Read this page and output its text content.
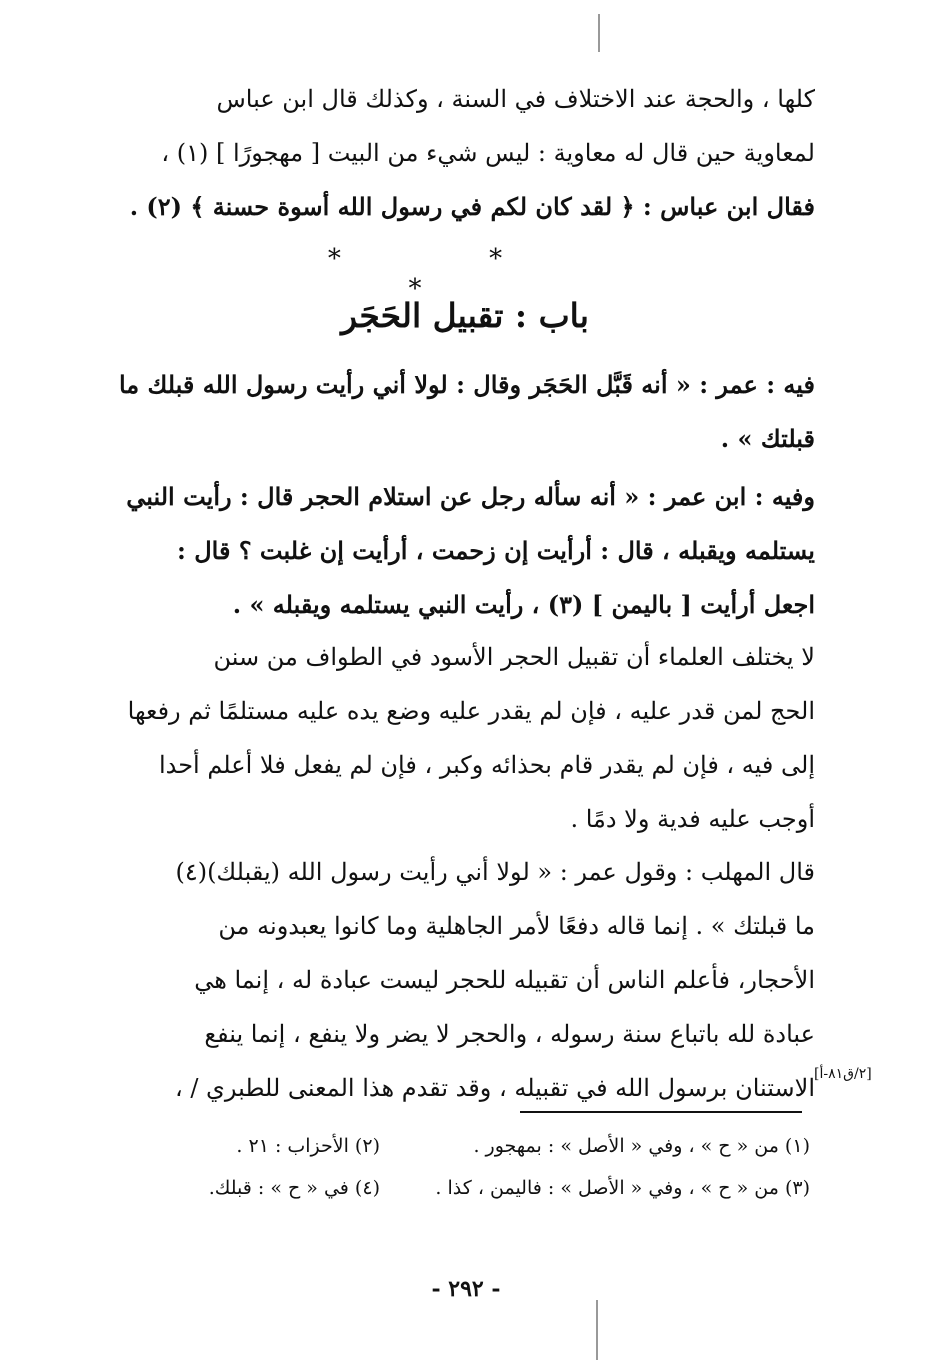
كلها ، والحجة عند الاختلاف في السنة ، وكذلك قال ابن عباس
لمعاوية حين قال له معاوية : ليس شيء من البيت [ مهجورًا ] (١) ،
فقال ابن عباس : ﴿ لقد كان لكم في رسول الله أسوة حسنة ﴾ (٢) .
* * *
باب : تقبيل الحَجَر
فيه : عمر : « أنه قَبَّل الحَجَر وقال : لولا أني رأيت رسول الله قبلك ما
قبلتك » .
وفيه : ابن عمر : « أنه سأله رجل عن استلام الحجر قال : رأيت النبي
يستلمه ويقبله ، قال : أرأيت إن زحمت ، أرأيت إن غلبت ؟ قال :
اجعل أرأيت [ باليمن ] (٣) ، رأيت النبي يستلمه ويقبله » .
لا يختلف العلماء أن تقبيل الحجر الأسود في الطواف من سنن
الحج لمن قدر عليه ، فإن لم يقدر عليه وضع يده عليه مستلمًا ثم رفعها
إلى فيه ، فإن لم يقدر قام بحذائه وكبر ، فإن لم يفعل فلا أعلم أحدا
أوجب عليه فدية ولا دمًا .
قال المهلب : وقول عمر : « لولا أني رأيت رسول الله (يقبلك)(٤)
ما قبلتك » . إنما قاله دفعًا لأمر الجاهلية وما كانوا يعبدونه من
الأحجار، فأعلم الناس أن تقبيله للحجر ليست عبادة له ، إنما هي
عبادة لله باتباع سنة رسوله ، والحجر لا يضر ولا ينفع ، إنما ينفع
الاستنان برسول الله في تقبيله ، وقد تقدم هذا المعنى للطبري / ، [٢/ق٨١-أ]
(١) من « ح » ، وفي « الأصل » : بمهجور .
(٢) الأحزاب : ٢١ .
(٣) من « ح » ، وفي « الأصل » : فاليمن ، كذا .
(٤) في « ح » : قبلك.
- ٢٩٢ -
